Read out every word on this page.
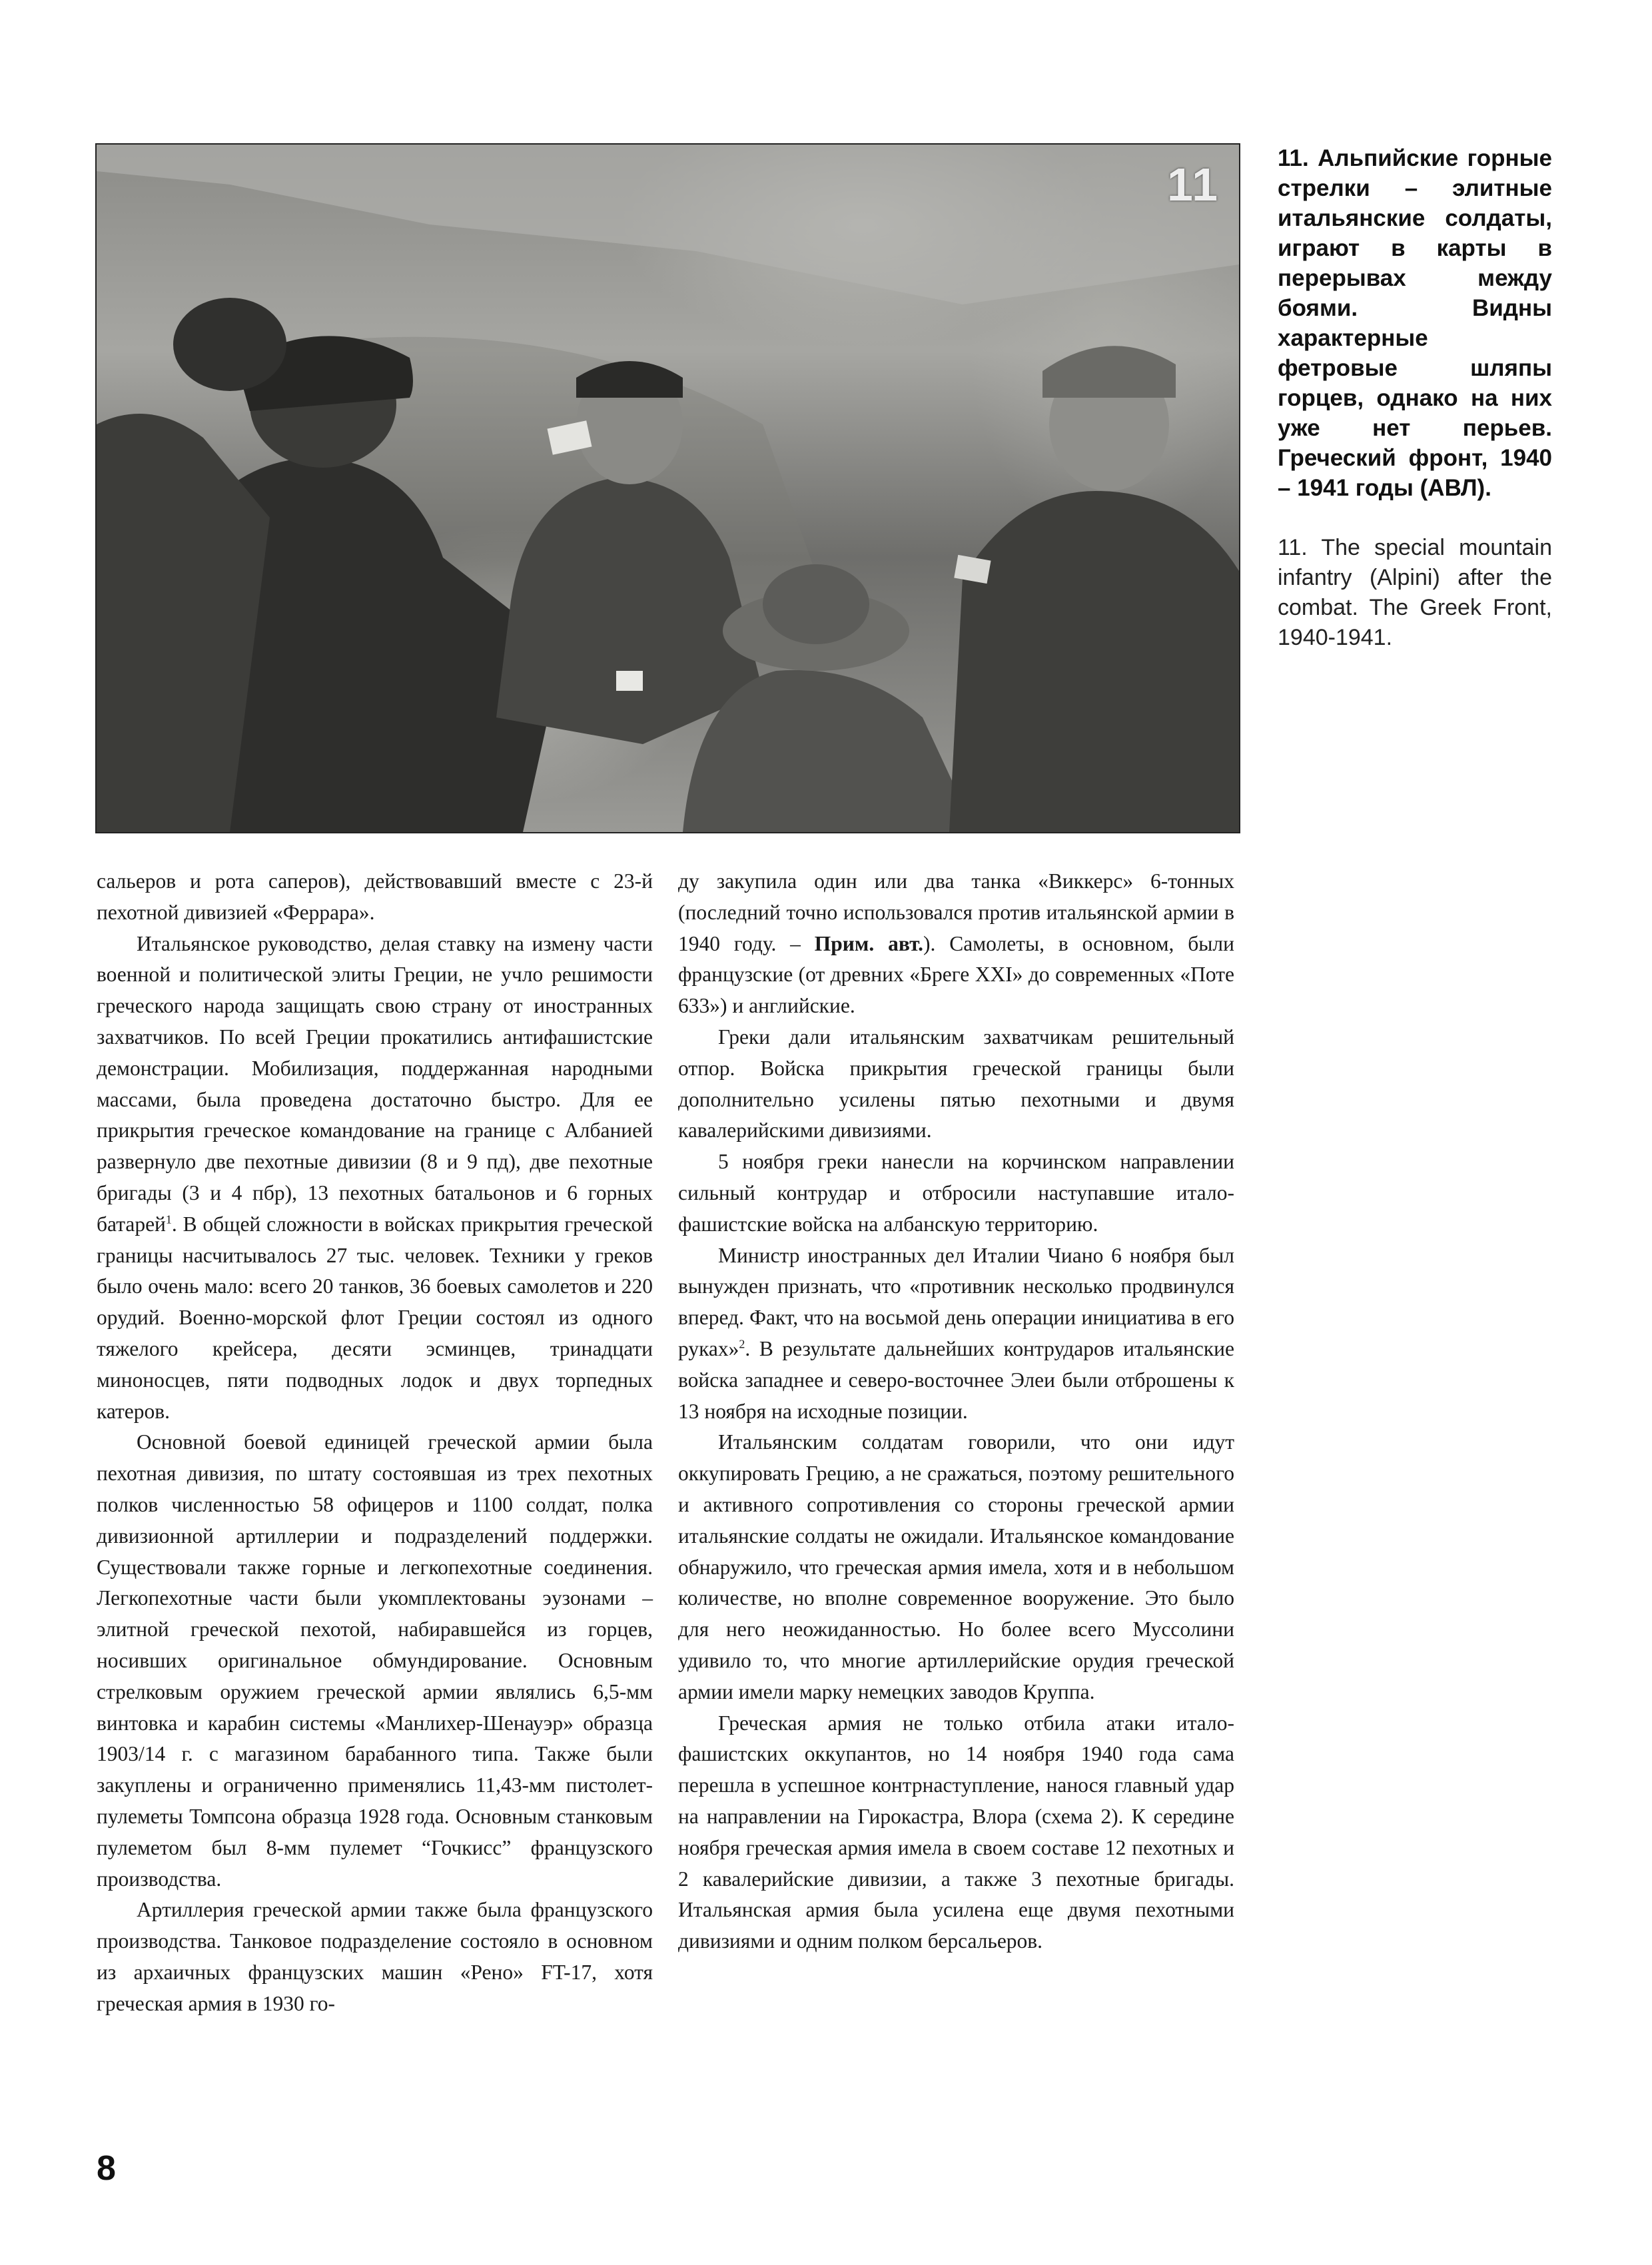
11

11. Альпийские горные стрелки – элитные итальянские солдаты, играют в карты в перерывах между боями. Видны характерные фетровые шляпы горцев, однако на них уже нет перьев. Греческий фронт, 1940 – 1941 годы (АВЛ).

11. The special mountain infantry (Alpini) after the combat. The Greek Front, 1940-1941.

сальеров и рота саперов), действовавший вместе с 23-й пехотной дивизией «Феррара».

Итальянское руководство, делая ставку на измену части военной и политической элиты Греции, не учло решимости греческого народа защищать свою страну от иностранных захватчиков. По всей Греции прокатились антифашистские демонстрации. Мобилизация, поддержанная народными массами, была проведена достаточно быстро. Для ее прикрытия греческое командование на границе с Албанией развернуло две пехотные дивизии (8 и 9 пд), две пехотные бригады (3 и 4 пбр), 13 пехотных батальонов и 6 горных батарей$^1$. В общей сложности в войсках прикрытия греческой границы насчитывалось 27 тыс. человек. Техники у греков было очень мало: всего 20 танков, 36 боевых самолетов и 220 орудий. Военно-морской флот Греции состоял из одного тяжелого крейсера, десяти эсминцев, тринадцати миноносцев, пяти подводных лодок и двух торпедных катеров.

Основной боевой единицей греческой армии была пехотная дивизия, по штату состоявшая из трех пехотных полков численностью 58 офицеров и 1100 солдат, полка дивизионной артиллерии и подразделений поддержки. Существовали также горные и легкопехотные соединения. Легкопехотные части были укомплектованы эузонами – элитной греческой пехотой, набиравшейся из горцев, носивших оригинальное обмундирование. Основным стрелковым оружием греческой армии являлись 6,5-мм винтовка и карабин системы «Манлихер-Шенауэр» образца 1903/14 г. с магазином барабанного типа. Также были закуплены и ограниченно применялись 11,43-мм пистолет-пулеметы Томпсона образца 1928 года. Основным станковым пулеметом был 8-мм пулемет “Гочкисс” французского производства.

Артиллерия греческой армии также была французского производства. Танковое подразделение состояло в основном из архаичных французских машин «Рено» FT-17, хотя греческая армия в 1930 го-

ду закупила один или два танка «Виккерс» 6-тонных (последний точно использовался против итальянской армии в 1940 году. – Прим. авт.). Самолеты, в основном, были французские (от древних «Бреге XXI» до современных «Поте 633») и английские.

Греки дали итальянским захватчикам решительный отпор. Войска прикрытия греческой границы были дополнительно усилены пятью пехотными и двумя кавалерийскими дивизиями.

5 ноября греки нанесли на корчинском направлении сильный контрудар и отбросили наступавшие итало-фашистские войска на албанскую территорию.

Министр иностранных дел Италии Чиано 6 ноября был вынужден признать, что «противник несколько продвинулся вперед. Факт, что на восьмой день операции инициатива в его руках»$^2$. В результате дальнейших контрударов итальянские войска западнее и северо-восточнее Элеи были отброшены к 13 ноября на исходные позиции.

Итальянским солдатам говорили, что они идут оккупировать Грецию, а не сражаться, поэтому решительного и активного сопротивления со стороны греческой армии итальянские солдаты не ожидали. Итальянское командование обнаружило, что греческая армия имела, хотя и в небольшом количестве, но вполне современное вооружение. Это было для него неожиданностью. Но более всего Муссолини удивило то, что многие артиллерийские орудия греческой армии имели марку немецких заводов Круппа.

Греческая армия не только отбила атаки итало-фашистских оккупантов, но 14 ноября 1940 года сама перешла в успешное контрнаступление, нанося главный удар на направлении на Гирокастра, Влора (схема 2). К середине ноября греческая армия имела в своем составе 12 пехотных и 2 кавалерийские дивизии, а также 3 пехотные бригады. Итальянская армия была усилена еще двумя пехотными дивизиями и одним полком берсальеров.

8
